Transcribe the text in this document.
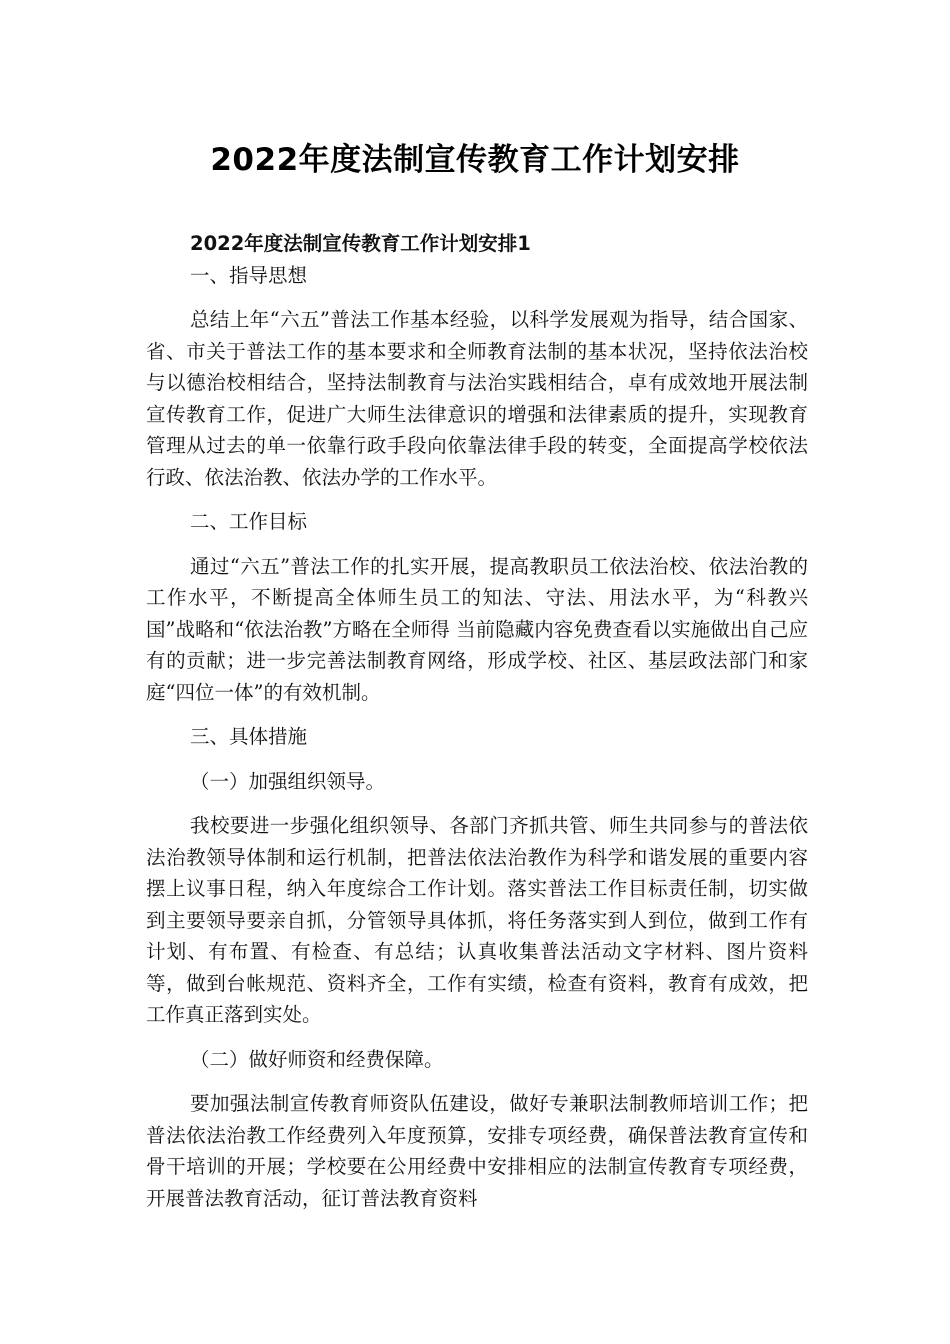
2022年度法制宣传教育工作计划安排

2022年度法制宣传教育工作计划安排1

一、指导思想

总结上年“六五”普法工作基本经验，以科学发展观为指导，结合国家、省、市关于普法工作的基本要求和全师教育法制的基本状况，坚持依法治校与以德治校相结合，坚持法制教育与法治实践相结合，卓有成效地开展法制宣传教育工作，促进广大师生法律意识的增强和法律素质的提升，实现教育管理从过去的单一依靠行政手段向依靠法律手段的转变，全面提高学校依法行政、依法治教、依法办学的工作水平。

二、工作目标

通过“六五”普法工作的扎实开展，提高教职员工依法治校、依法治教的工作水平，不断提高全体师生员工的知法、守法、用法水平，为“科教兴国”战略和“依法治教”方略在全师得 当前隐藏内容免费查看以实施做出自己应有的贡献；进一步完善法制教育网络，形成学校、社区、基层政法部门和家庭“四位一体”的有效机制。

三、具体措施

（一）加强组织领导。

我校要进一步强化组织领导、各部门齐抓共管、师生共同参与的普法依法治教领导体制和运行机制，把普法依法治教作为科学和谐发展的重要内容摆上议事日程，纳入年度综合工作计划。落实普法工作目标责任制，切实做到主要领导要亲自抓，分管领导具体抓，将任务落实到人到位，做到工作有计划、有布置、有检查、有总结；认真收集普法活动文字材料、图片资料等，做到台帐规范、资料齐全，工作有实绩，检查有资料，教育有成效，把工作真正落到实处。

（二）做好师资和经费保障。

要加强法制宣传教育师资队伍建设，做好专兼职法制教师培训工作；把普法依法治教工作经费列入年度预算，安排专项经费，确保普法教育宣传和骨干培训的开展；学校要在公用经费中安排相应的法制宣传教育专项经费，开展普法教育活动，征订普法教育资料
